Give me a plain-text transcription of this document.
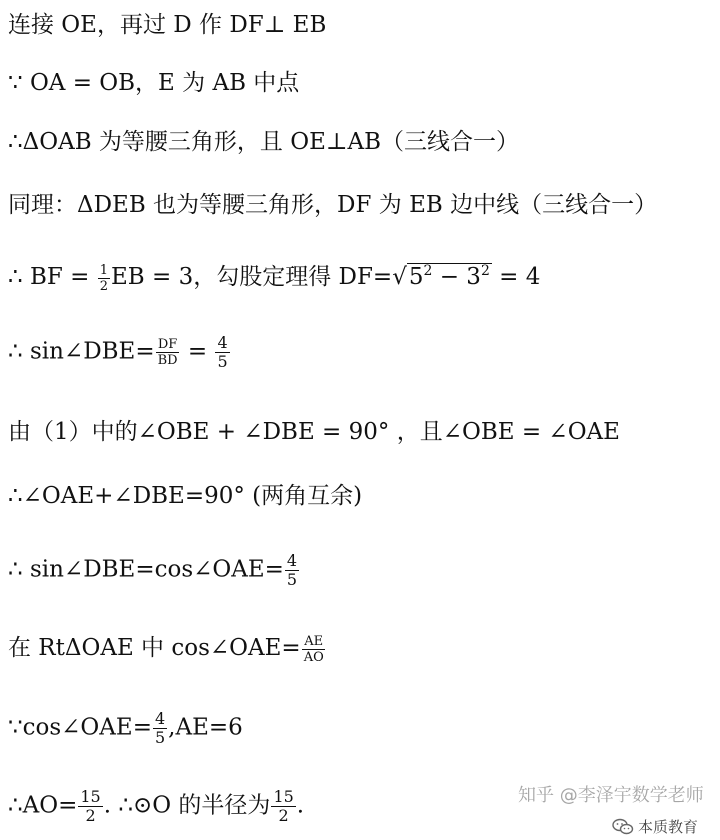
连接 OE，再过 D 作 DF⊥ EB
∵ OA = OB，E 为 AB 中点
∴ΔOAB 为等腰三角形，且 OE⊥AB（三线合一）
同理：ΔDEB 也为等腰三角形，DF 为 EB 边中线（三线合一）
∴ BF = $\frac{1}{2}$ EB = 3，勾股定理得 $DF=√5^2 - 3^2 = 4$
∴ sin∠DBE= $\frac{DF}{BD} = \frac{4}{5}$
由（1）中的∠OBE + ∠DBE = 90° ，且∠OBE = ∠OAE
∴∠OAE+∠DBE=90° (两角互余)
∴ sin∠DBE=cos∠OAE= $\frac{4}{5}$
在 RtΔOAE 中 cos∠OAE= $\frac{AE}{AO}$
∵cos∠OAE= $\frac{4}{5} ,AE=6$
∴AO= $\frac{15}{2}$ . ∴⊙O 的半径为 $\frac{15}{2}$ .	知乎 @李泽宇数学老师
本质教育
